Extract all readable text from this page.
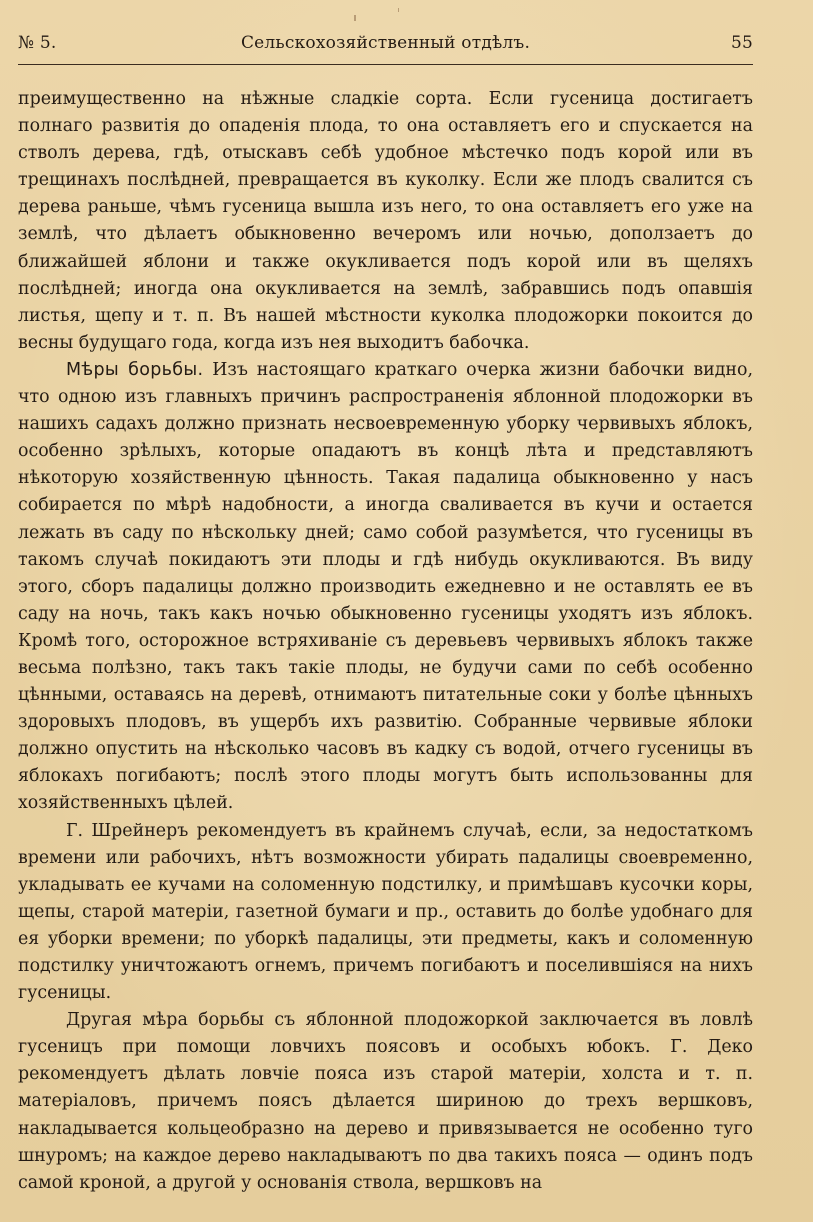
№ 5.	Сельскохозяйственный отдѣлъ.	55

преимущественно на нѣжные сладкіе сорта. Если гусеница достигаетъ полнаго развитія до опаденія плода, то она оставляетъ его и спускается на стволъ дерева, гдѣ, отыскавъ себѣ удобное мѣстечко подъ корой или въ трещинахъ послѣдней, превращается въ куколку. Если же плодъ свалится съ дерева раньше, чѣмъ гусеница вышла изъ него, то она оставляетъ его уже на землѣ, что дѣлаетъ обыкновенно вечеромъ или ночью, доползаетъ до ближайшей яблони и также окукливается подъ корой или въ щеляхъ послѣдней; иногда она окукливается на землѣ, забравшись подъ опавшія листья, щепу и т. п. Въ нашей мѣстности куколка плодожорки покоится до весны будущаго года, когда изъ нея выходитъ бабочка.

Мѣры борьбы. Изъ настоящаго краткаго очерка жизни бабочки видно, что одною изъ главныхъ причинъ распространенія яблонной плодожорки въ нашихъ садахъ должно признать несвоевременную уборку червивыхъ яблокъ, особенно зрѣлыхъ, которые опадаютъ въ концѣ лѣта и представляютъ нѣкоторую хозяйственную цѣнность. Такая падалица обыкновенно у насъ собирается по мѣрѣ надобности, а иногда сваливается въ кучи и остается лежать въ саду по нѣскольку дней; само собой разумѣется, что гусеницы въ такомъ случаѣ покидаютъ эти плоды и гдѣ нибудь окукливаются. Въ виду этого, сборъ падалицы должно производить ежедневно и не оставлять ее въ саду на ночь, такъ какъ ночью обыкновенно гусеницы уходятъ изъ яблокъ. Кромѣ того, осторожное встряхиваніе съ деревьевъ червивыхъ яблокъ также весьма полѣзно, такъ такъ такіе плоды, не будучи сами по себѣ особенно цѣнными, оставаясь на деревѣ, отнимаютъ питательные соки у болѣе цѣнныхъ здоровыхъ плодовъ, въ ущербъ ихъ развитію. Собранные червивые яблоки должно опустить на нѣсколько часовъ въ кадку съ водой, отчего гусеницы въ яблокахъ погибаютъ; послѣ этого плоды могутъ быть использованны для хозяйственныхъ цѣлей.

Г. Шрейнеръ рекомендуетъ въ крайнемъ случаѣ, если, за недостаткомъ времени или рабочихъ, нѣтъ возможности убирать падалицы своевременно, укладывать ее кучами на соломенную подстилку, и примѣшавъ кусочки коры, щепы, старой матеріи, газетной бумаги и пр., оставить до болѣе удобнаго для ея уборки времени; по уборкѣ падалицы, эти предметы, какъ и соломенную подстилку уничтожаютъ огнемъ, причемъ погибаютъ и поселившіяся на нихъ гусеницы.

Другая мѣра борьбы съ яблонной плодожоркой заключается въ ловлѣ гусеницъ при помощи ловчихъ поясовъ и особыхъ юбокъ. Г. Деко рекомендуетъ дѣлать ловчіе пояса изъ старой матеріи, холста и т. п. матеріаловъ, причемъ поясъ дѣлается шириною до трехъ вершковъ, накладывается кольцеобразно на дерево и привязывается не особенно туго шнуромъ; на каждое дерево накладываютъ по два такихъ пояса — одинъ подъ самой кроной, а другой у основанія ствола, вершковъ на
